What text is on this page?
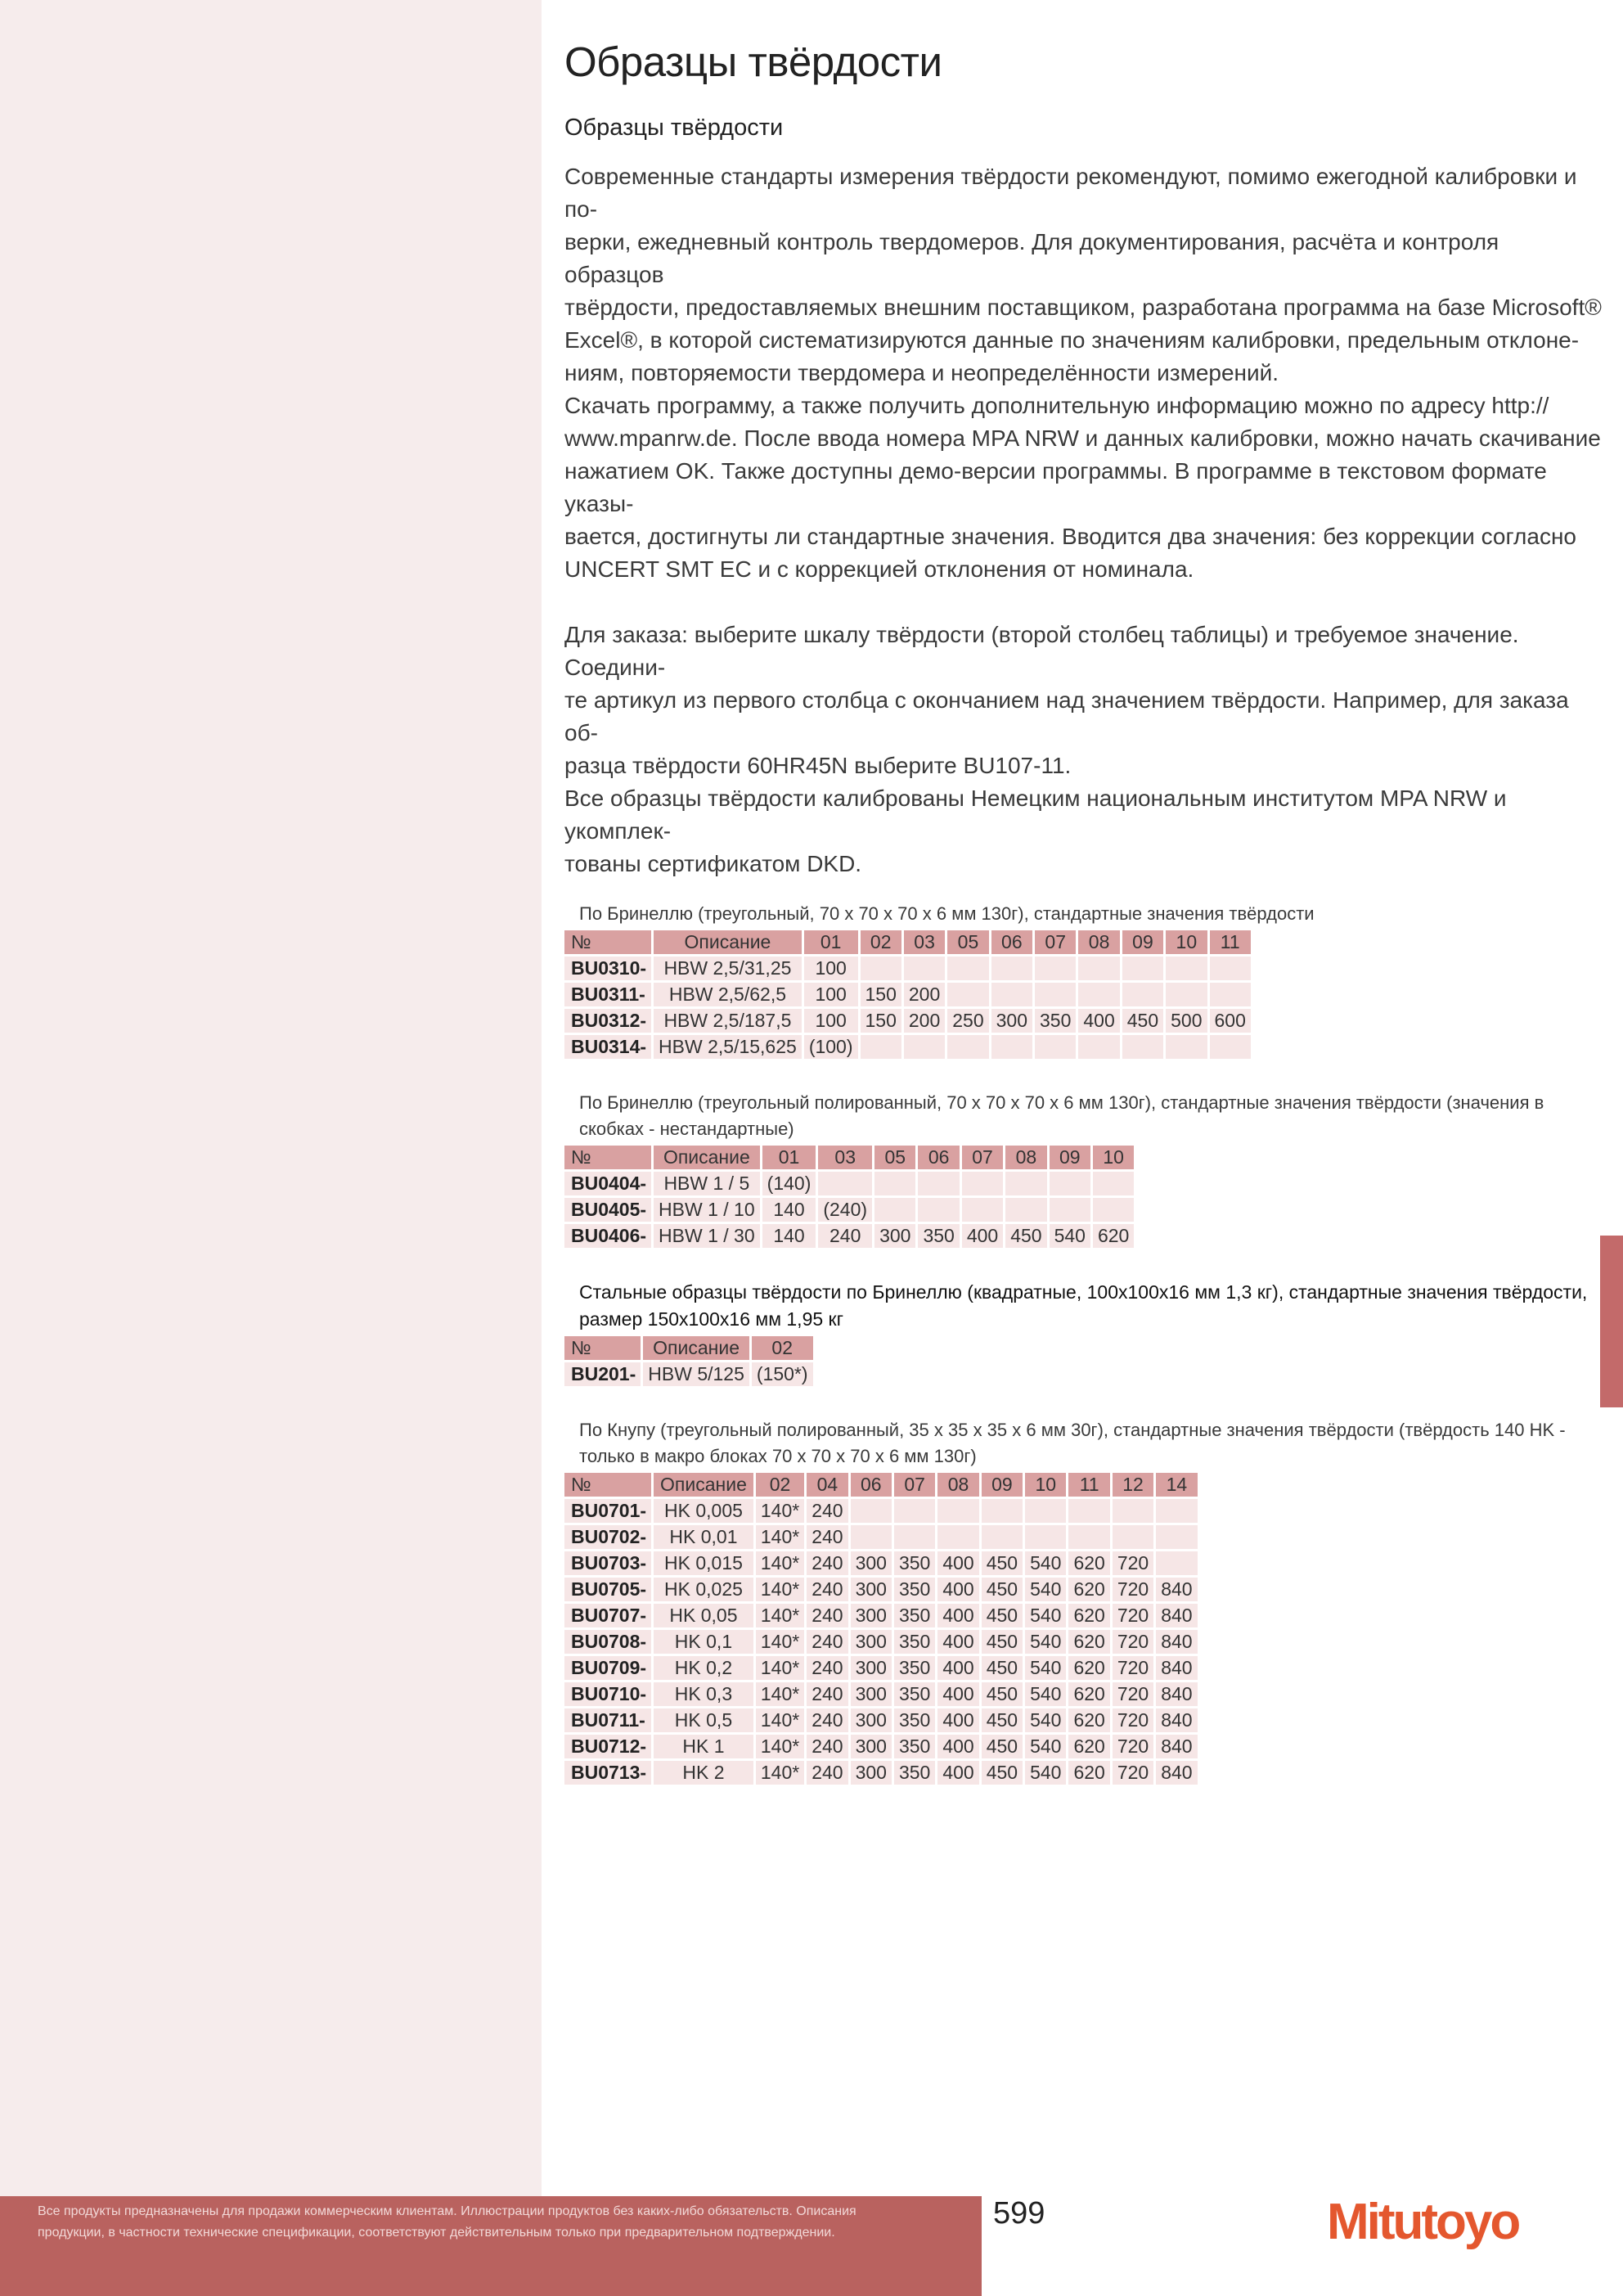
Образцы твёрдости
Образцы твёрдости

Современные стандарты измерения твёрдости рекомендуют, помимо ежегодной калибровки и по-

верки, ежедневный контроль твердомеров. Для документирования, расчёта и контроля образцов

твёрдости, предоставляемых внешним поставщиком, разработана программа на базе Microsoft®

Excel®, в которой систематизируются данные по значениям калибровки, предельным отклоне-

ниям, повторяемости твердомера и неопределённости измерений.

Скачать программу, а также получить дополнительную информацию можно по адресу http://

www.mpanrw.de. После ввода номера MPA NRW и данных калибровки, можно начать скачивание

нажатием OK. Также доступны демо-версии программы. В программе в текстовом формате указы-

вается, достигнуты ли стандартные значения. Вводится два значения: без коррекции согласно

UNCERT SMT EC и с коррекцией отклонения от номинала.

Для заказа: выберите шкалу твёрдости (второй столбец таблицы) и требуемое значение. Соедини-

те артикул из первого столбца с окончанием над значением твёрдости. Например, для заказа об-

разца твёрдости 60HR45N выберите BU107-11.

Все образцы твёрдости калиброваны Немецким национальным институтом MPA NRW и укомплек-

тованы сертификатом DKD.

По Бринеллю (треугольный, 70 x 70 x 70 x 6 мм 130г), стандартные значения твёрдости
№	Описание	01	02	03	05	06	07	08	09	10	11
BU0310-	HBW 2,5/31,25	100									
BU0311-	HBW 2,5/62,5	100	150	200							
BU0312-	HBW 2,5/187,5	100	150	200	250	300	350	400	450	500	600
BU0314-	HBW 2,5/15,625	(100)									
По Бринеллю (треугольный полированный, 70 x 70 x 70 x 6 мм 130г), стандартные значения твёрдости (значения в
скобках - нестандартные)
№	Описание	01	03	05	06	07	08	09	10
BU0404-	HBW 1 / 5	(140)							
BU0405-	HBW 1 / 10	140	(240)						
BU0406-	HBW 1 / 30	140	240	300	350	400	450	540	620
Стальные образцы твёрдости по Бринеллю (квадратные, 100x100x16 мм 1,3 кг), стандартные значения твёрдости,
размер 150x100x16 мм 1,95 кг
№	Описание	02
BU201-	HBW 5/125	(150*)
По Кнупу (треугольный полированный, 35 x 35 x 35 x 6 мм 30г), стандартные значения твёрдости (твёрдость 140 HK -
только в макро блоках 70 x 70 x 70 x 6 мм 130г)
№	Описание	02	04	06	07	08	09	10	11	12	14
BU0701-	HK 0,005	140*	240								
BU0702-	HK 0,01	140*	240								
BU0703-	HK 0,015	140*	240	300	350	400	450	540	620	720	
BU0705-	HK 0,025	140*	240	300	350	400	450	540	620	720	840
BU0707-	HK 0,05	140*	240	300	350	400	450	540	620	720	840
BU0708-	HK 0,1	140*	240	300	350	400	450	540	620	720	840
BU0709-	HK 0,2	140*	240	300	350	400	450	540	620	720	840
BU0710-	HK 0,3	140*	240	300	350	400	450	540	620	720	840
BU0711-	HK 0,5	140*	240	300	350	400	450	540	620	720	840
BU0712-	HK 1	140*	240	300	350	400	450	540	620	720	840
BU0713-	HK 2	140*	240	300	350	400	450	540	620	720	840
Все продукты предназначены для продажи коммерческим клиентам. Иллюстрации продуктов без каких-либо обязательств. Описания
продукции, в частности технические спецификации, соответствуют действительным только при предварительном подтверждении.
599	Mitutoyo
